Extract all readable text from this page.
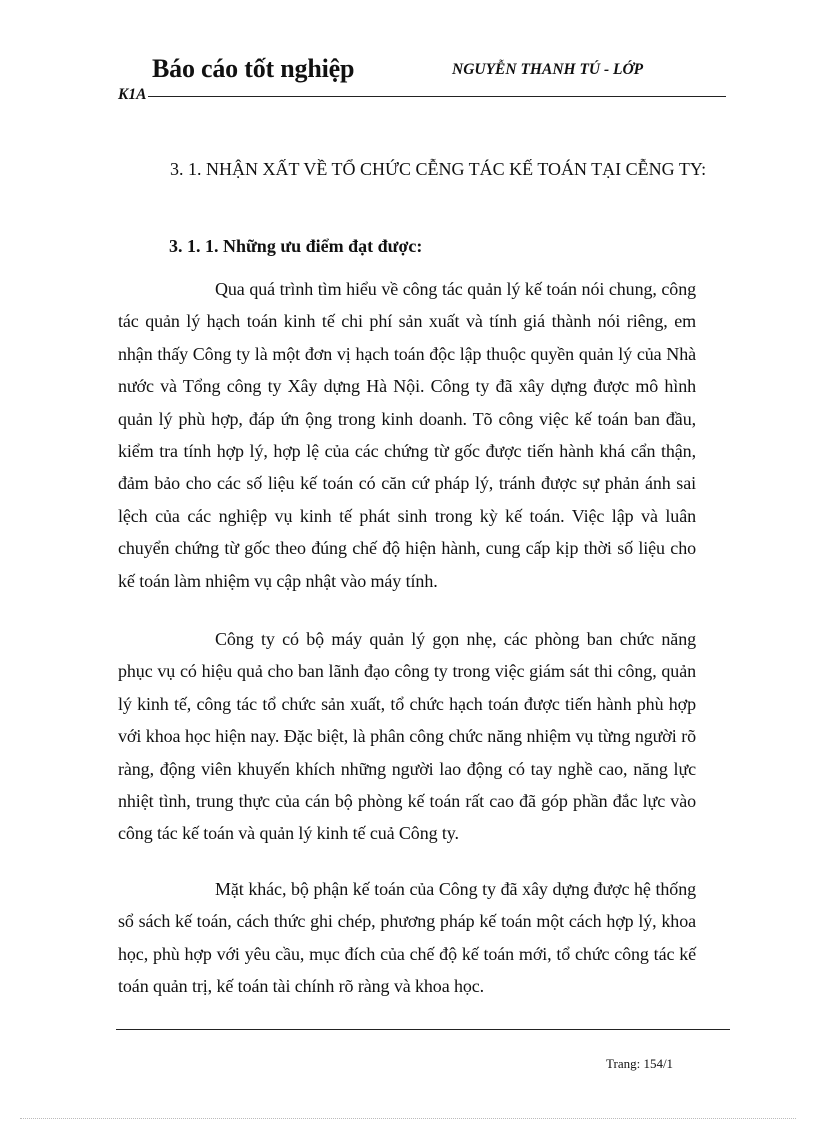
Báo cáo tốt nghiệp	NGUYỄN THANH TÚ - LỚP
K1A
3. 1. NHẬN XẤT VỀ TỔ CHỨC CỄNG TÁC KẾ TOÁN TẠI CỄNG TY:
3. 1. 1. Những ưu điểm đạt được:
Qua quá trình tìm hiểu về công tác quản lý kế toán nói chung, công tác quản lý hạch toán kinh tế chi phí sản xuất và tính giá thành nói riêng, em nhận thấy Công ty là một đơn vị hạch toán độc lập thuộc quyền quản lý của Nhà nước và Tổng công ty Xây dựng Hà Nội. Công ty đã xây dựng được mô hình quản lý phù hợp, đáp ứn ộng trong kinh doanh. Tõ công việc kế toán ban đầu, kiểm tra tính hợp lý, hợp lệ của các chứng từ gốc được tiến hành khá cẩn thận, đảm bảo cho các số liệu kế toán có căn cứ pháp lý, tránh được sự phản ánh sai lệch của các nghiệp vụ kinh tế phát sinh trong kỳ kế toán. Việc lập và luân chuyển chứng từ gốc theo đúng chế độ hiện hành, cung cấp kịp thời số liệu cho kế toán làm nhiệm vụ cập nhật vào máy tính.
Công ty có bộ máy quản lý gọn nhẹ, các phòng ban chức năng phục vụ có hiệu quả cho ban lãnh đạo công ty trong việc giám sát thi công, quản lý kinh tế, công tác tổ chức sản xuất, tổ chức hạch toán được tiến hành phù hợp với khoa học hiện nay. Đặc biệt, là phân công chức năng nhiệm vụ từng người rõ ràng, động viên khuyến khích những người lao động có tay nghề cao, năng lực nhiệt tình, trung thực của cán bộ phòng kế toán rất cao đã góp phần đắc lực vào công tác kế toán và quản lý kinh tế cuả Công ty.
Mặt khác, bộ phận kế toán của Công ty đã xây dựng được hệ thống sổ sách kế toán, cách thức ghi chép, phương pháp kế toán một cách hợp lý, khoa học, phù hợp với yêu cầu, mục đích của chế độ kế toán mới, tổ chức công tác kế toán quản trị, kế toán tài chính rõ ràng và khoa học.
Trang: 154/1
